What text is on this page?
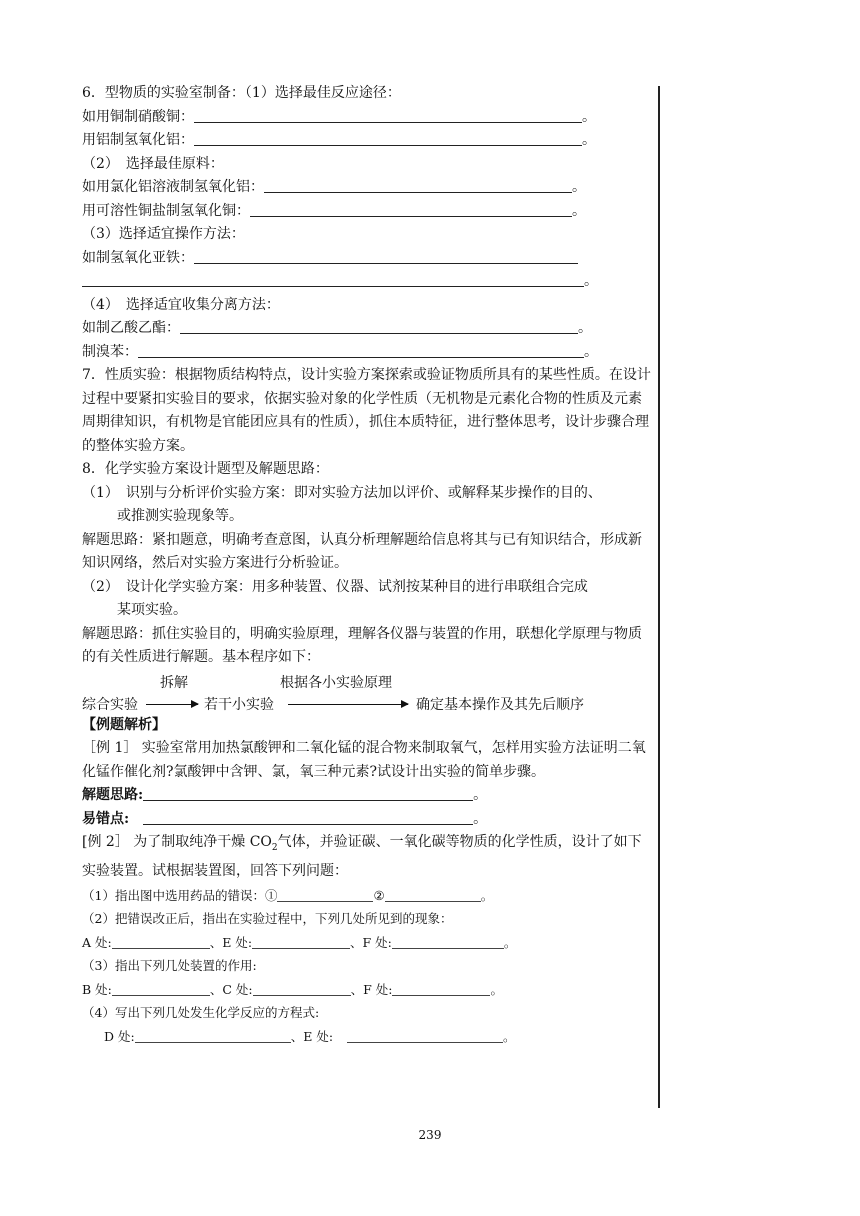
6．型物质的实验室制备：（1）选择最佳反应途径：
如用铜制硝酸铜：	。
用铝制氢氧化铝：	。
（2）　选择最佳原料：
如用氯化铝溶液制氢氧化铝：	。
用可溶性铜盐制氢氧化铜：	。
（3）选择适宜操作方法：
如制氢氧化亚铁：
。
（4）　选择适宜收集分离方法：
如制乙酸乙酯：	。
制溴苯：	。
7．性质实验：根据物质结构特点，设计实验方案探索或验证物质所具有的某些性质。在设计过程中要紧扣实验目的要求，依据实验对象的化学性质（无机物是元素化合物的性质及元素周期律知识，有机物是官能团应具有的性质），抓住本质特征，进行整体思考，设计步骤合理的整体实验方案。
8．化学实验方案设计题型及解题思路：
（1）　识别与分析评价实验方案：即对实验方法加以评价、或解释某步操作的目的、
或推测实验现象等。
解题思路：紧扣题意，明确考查意图，认真分析理解题给信息将其与已有知识结合，形成新知识网络，然后对实验方案进行分析验证。
（2）　设计化学实验方案：用多种装置、仪器、试剂按某种目的进行串联组合完成
某项实验。
解题思路：抓住实验目的，明确实验原理，理解各仪器与装置的作用，联想化学原理与物质的有关性质进行解题。基本程序如下：
拆解	根据各小实验原理
综合实验	若干小实验	确定基本操作及其先后顺序
【例题解析】
［例 1］ 实验室常用加热氯酸钾和二氧化锰的混合物来制取氧气，怎样用实验方法证明二氧化锰作催化剂?氯酸钾中含钾、氯，氧三种元素?试设计出实验的简单步骤。
解题思路:	。
易错点:	。
[例 2］ 为了制取纯净干燥 $CO_2$气体，并验证碳、一氧化碳等物质的化学性质，设计了如下实验装置。试根据装置图，回答下列问题：
（1）指出图中选用药品的错误：①	②	。
（2）把错误改正后，指出在实验过程中，下列几处所见到的现象：
A 处:	、E 处:	、F 处:	。
（3）指出下列几处装置的作用:
B 处:	、C 处:	、F 处:	。
（4）写出下列几处发生化学反应的方程式:
D 处:	、E 处:	。
239
